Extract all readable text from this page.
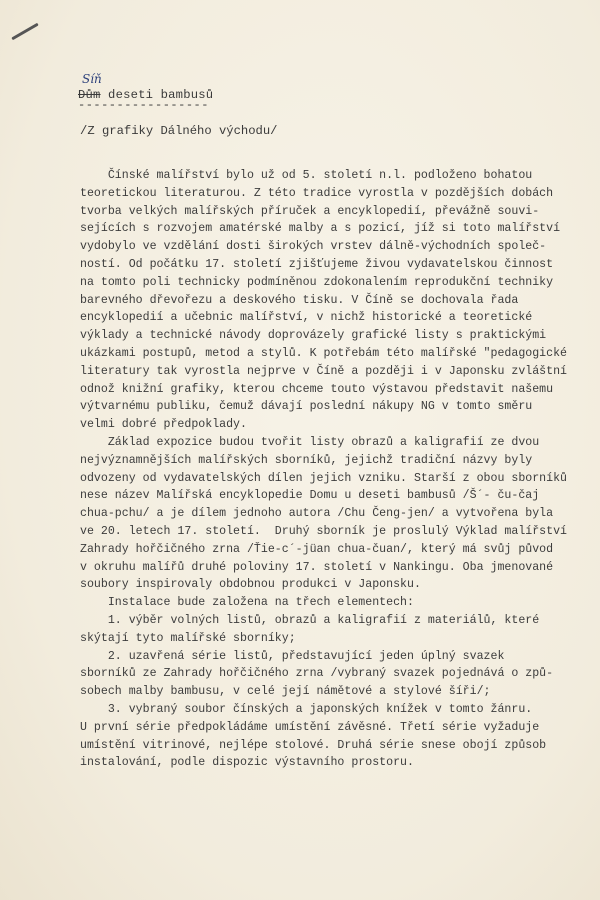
Síň
Dům deseti bambusů
-----------------
/Z grafiky Dálného východu/
Čínské malířství bylo už od 5. století n.l. podloženo bohatou
teoretickou literaturou. Z této tradice vyrostla v pozdějších dobách
tvorba velkých malířských příruček a encyklopedií, převážně souvi-
sejících s rozvojem amatérské malby a s pozicí, jíž si toto malířství
vydobylo ve vzdělání dosti širokých vrstev dálně-východních společ-
ností. Od počátku 17. století zjišťujeme živou vydavatelskou činnost
na tomto poli technicky podmíněnou zdokonalením reprodukční techniky
barevného dřevořezu a deskového tisku. V Číně se dochovala řada
encyklopedií a učebnic malířství, v nichž historické a teoretické
výklady a technické návody doprovázely grafické listy s praktickými
ukázkami postupů, metod a stylů. K potřebám této malířské "pedagogické
literatury tak vyrostla nejprve v Číně a později i v Japonsku zvláštní
odnož knižní grafiky, kterou chceme touto výstavou představit našemu
výtvarnému publiku, čemuž dávají poslední nákupy NG v tomto směru
velmi dobré předpoklady.
Základ expozice budou tvořit listy obrazů a kaligrafií ze dvou
nejvýznamnějších malířských sborníků, jejichž tradiční názvy byly
odvozeny od vydavatelských dílen jejich vzniku. Starší z obou sborníků
nese název Malířská encyklopedie Domu u deseti bambusů /Š´- ču-čaj
chua-pchu/ a je dílem jednoho autora /Chu Čeng-jen/ a vytvořena byla
ve 20. letech 17. století.  Druhý sborník je proslulý Výklad malířství
Zahrady hořčičného zrna /Ťie-c´-jüan chua-čuan/, který má svůj původ
v okruhu malířů druhé poloviny 17. století v Nankingu. Oba jmenované
soubory inspirovaly obdobnou produkci v Japonsku.
Instalace bude založena na třech elementech:
1. výběr volných listů, obrazů a kaligrafií z materiálů, které
skýtají tyto malířské sborníky;
2. uzavřená série listů, představující jeden úplný svazek
sborníků ze Zahrady hořčičného zrna /vybraný svazek pojednává o způ-
sobech malby bambusu, v celé její námětové a stylové šíři/;
3. vybraný soubor čínských a japonských knížek v tomto žánru.
U první série předpokládáme umístění závěsné. Třetí série vyžaduje
umístění vitrinové, nejlépe stolové. Druhá série snese obojí způsob
instalování, podle dispozic výstavního prostoru.
